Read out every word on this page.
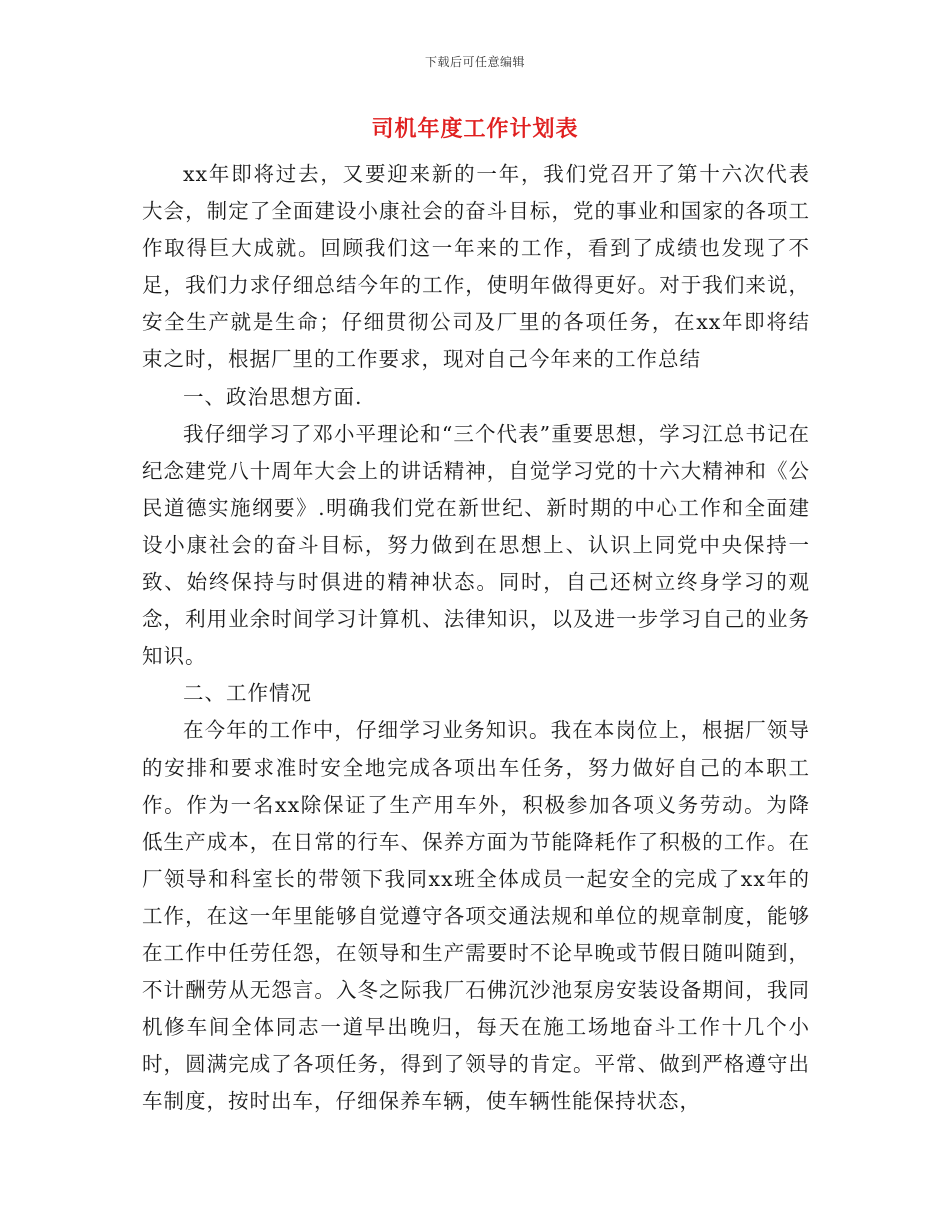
下载后可任意编辑
司机年度工作计划表

xx年即将过去，又要迎来新的一年，我们党召开了第十六次代表大会，制定了全面建设小康社会的奋斗目标，党的事业和国家的各项工作取得巨大成就。回顾我们这一年来的工作，看到了成绩也发现了不足，我们力求仔细总结今年的工作，使明年做得更好。对于我们来说，安全生产就是生命；仔细贯彻公司及厂里的各项任务，在xx年即将结束之时，根据厂里的工作要求，现对自己今年来的工作总结

一、政治思想方面.

我仔细学习了邓小平理论和“三个代表”重要思想，学习江总书记在纪念建党八十周年大会上的讲话精神，自觉学习党的十六大精神和《公民道德实施纲要》.明确我们党在新世纪、新时期的中心工作和全面建设小康社会的奋斗目标，努力做到在思想上、认识上同党中央保持一致、始终保持与时俱进的精神状态。同时，自己还树立终身学习的观念，利用业余时间学习计算机、法律知识，以及进一步学习自己的业务知识。

二、工作情况

在今年的工作中，仔细学习业务知识。我在本岗位上，根据厂领导的安排和要求准时安全地完成各项出车任务，努力做好自己的本职工作。作为一名xx除保证了生产用车外，积极参加各项义务劳动。为降低生产成本，在日常的行车、保养方面为节能降耗作了积极的工作。在厂领导和科室长的带领下我同xx班全体成员一起安全的完成了xx年的工作，在这一年里能够自觉遵守各项交通法规和单位的规章制度，能够在工作中任劳任怨，在领导和生产需要时不论早晚或节假日随叫随到，不计酬劳从无怨言。入冬之际我厂石佛沉沙池泵房安装设备期间，我同机修车间全体同志一道早出晚归，每天在施工场地奋斗工作十几个小时，圆满完成了各项任务，得到了领导的肯定。平常、做到严格遵守出车制度，按时出车，仔细保养车辆，使车辆性能保持状态，
